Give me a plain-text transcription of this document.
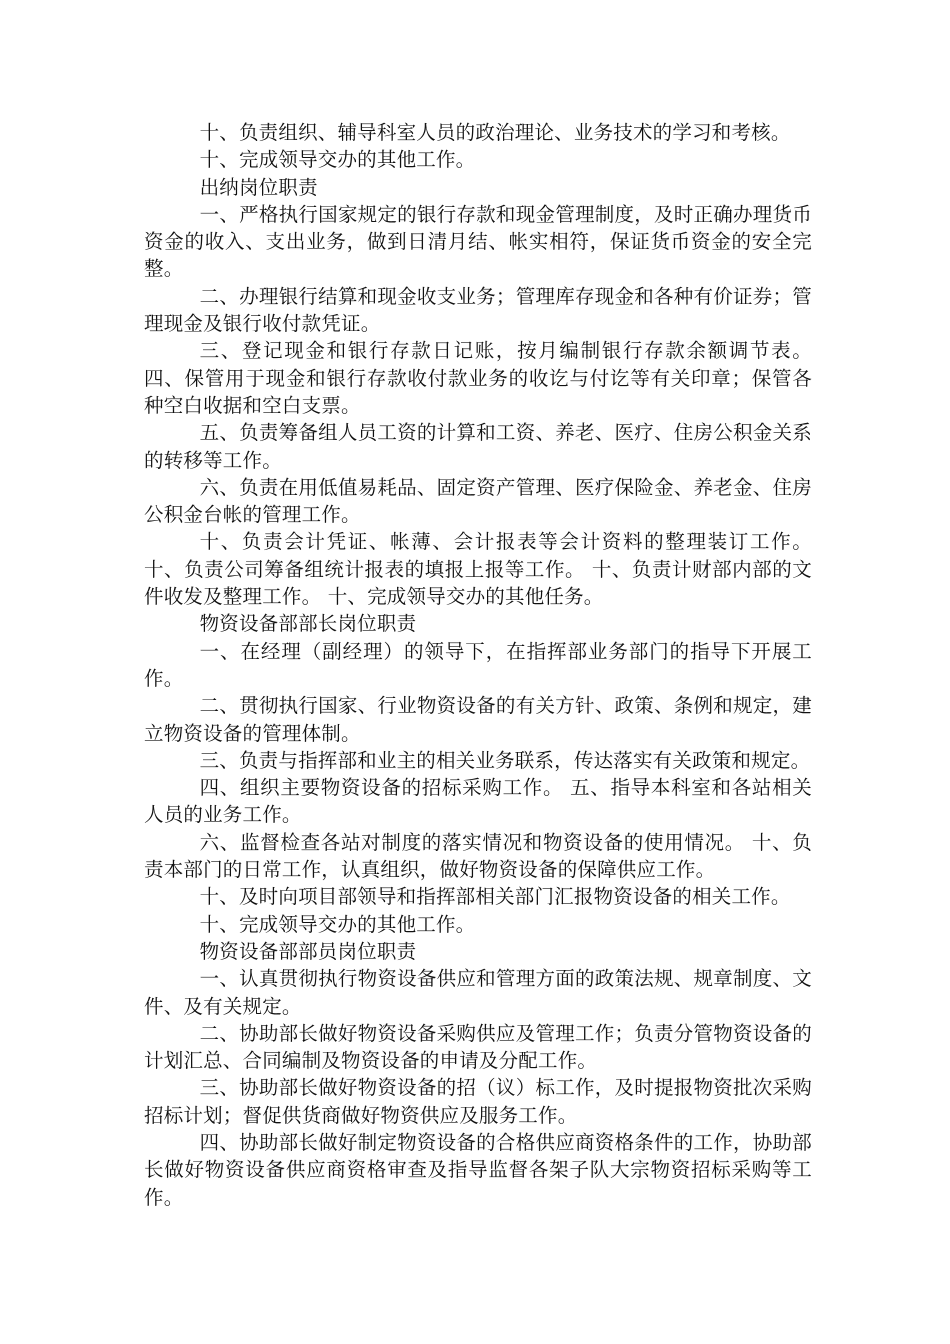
十、负责组织、辅导科室人员的政治理论、业务技术的学习和考核。

十、完成领导交办的其他工作。

出纳岗位职责

一、严格执行国家规定的银行存款和现金管理制度，及时正确办理货币资金的收入、支出业务，做到日清月结、帐实相符，保证货币资金的安全完整。

二、办理银行结算和现金收支业务；管理库存现金和各种有价证券；管理现金及银行收付款凭证。

三、登记现金和银行存款日记账，按月编制银行存款余额调节表。 四、保管用于现金和银行存款收付款业务的收讫与付讫等有关印章；保管各种空白收据和空白支票。

五、负责筹备组人员工资的计算和工资、养老、医疗、住房公积金关系的转移等工作。

六、负责在用低值易耗品、固定资产管理、医疗保险金、养老金、住房公积金台帐的管理工作。

十、负责会计凭证、帐薄、会计报表等会计资料的整理装订工作。 十、负责公司筹备组统计报表的填报上报等工作。 十、负责计财部内部的文件收发及整理工作。 十、完成领导交办的其他任务。

物资设备部部长岗位职责

一、在经理（副经理）的领导下，在指挥部业务部门的指导下开展工作。

二、贯彻执行国家、行业物资设备的有关方针、政策、条例和规定，建立物资设备的管理体制。

三、负责与指挥部和业主的相关业务联系，传达落实有关政策和规定。

四、组织主要物资设备的招标采购工作。 五、指导本科室和各站相关人员的业务工作。

六、监督检查各站对制度的落实情况和物资设备的使用情况。 十、负责本部门的日常工作，认真组织，做好物资设备的保障供应工作。

十、及时向项目部领导和指挥部相关部门汇报物资设备的相关工作。

十、完成领导交办的其他工作。

物资设备部部员岗位职责

一、认真贯彻执行物资设备供应和管理方面的政策法规、规章制度、文件、及有关规定。

二、协助部长做好物资设备采购供应及管理工作；负责分管物资设备的计划汇总、合同编制及物资设备的申请及分配工作。

三、协助部长做好物资设备的招（议）标工作，及时提报物资批次采购招标计划；督促供货商做好物资供应及服务工作。

四、协助部长做好制定物资设备的合格供应商资格条件的工作，协助部长做好物资设备供应商资格审查及指导监督各架子队大宗物资招标采购等工作。
